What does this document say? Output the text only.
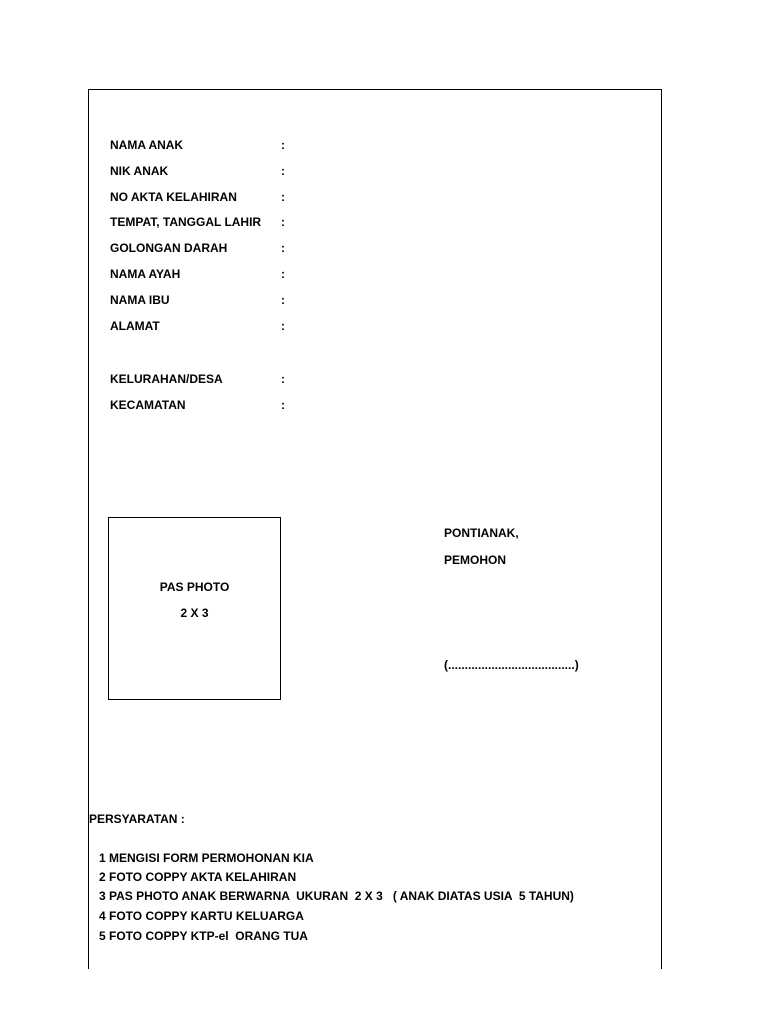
NAMA ANAK	:
NIK ANAK	:
NO AKTA KELAHIRAN	:
TEMPAT, TANGGAL LAHIR :
GOLONGAN DARAH	:
NAMA AYAH	:
NAMA IBU	:
ALAMAT	:
KELURAHAN/DESA	:
KECAMATAN	:
PAS PHOTO
2 X 3
PONTIANAK,
PEMOHON
(......................................)
PERSYARATAN :
1 MENGISI FORM PERMOHONAN KIA
2 FOTO COPPY AKTA KELAHIRAN
3 PAS PHOTO ANAK BERWARNA  UKURAN  2 X 3   ( ANAK DIATAS USIA  5 TAHUN)
4 FOTO COPPY KARTU KELUARGA
5 FOTO COPPY KTP-el  ORANG TUA
